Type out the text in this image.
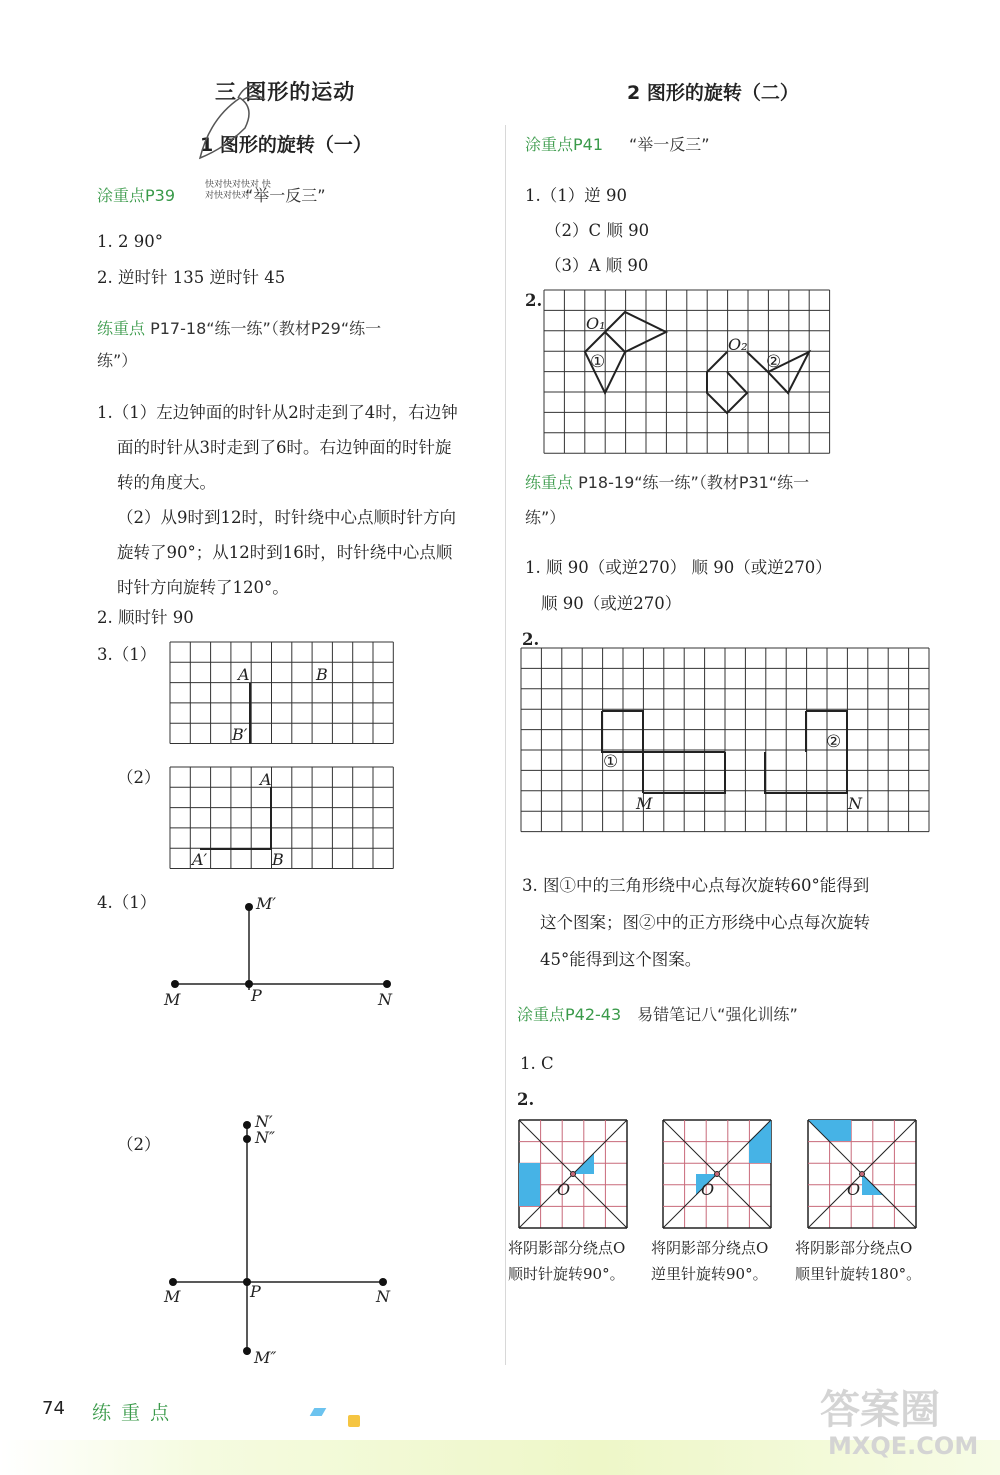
三 图形的运动
1 图形的旋转（一）
涂重点P39	“举一反三”
快对快对快对 快对快对快对
1. 2 90°
2. 逆时针 135 逆时针 45
练重点 P17-18“练一练”（教材P29“练一
练”）
1.（1）左边钟面的时针从2时走到了4时，右边钟
面的时针从3时走到了6时。右边钟面的时针旋
转的角度大。
（2）从9时到12时，时针绕中心点顺时针方向
旋转了90°；从12时到16时，时针绕中心点顺
时针方向旋转了120°。
2. 顺时针 90
3.（1）
A	B
B′
（2）	A
A′	B
4.（1）	M′
M	P	N
（2）
N′
N″
M	P	N
M″
2 图形的旋转（二）
涂重点P41 “举一反三”
1.（1）逆 90
（2）C 顺 90
（3）A 顺 90
2.
O₁
①
O₂
②
练重点 P18-19“练一练”（教材P31“练一
练”）
1. 顺 90（或逆270） 顺 90（或逆270）
顺 90（或逆270）
2.
①
②
M	N
3. 图①中的三角形绕中心点每次旋转60°能得到
这个图案；图②中的正方形绕中心点每次旋转
45°能得到这个图案。
涂重点P42-43 易错笔记八“强化训练”
1. C
2.
O	O	O
将阴影部分绕点O
顺时针旋转90°。
将阴影部分绕点O
逆里针旋转90°。
将阴影部分绕点O
顺里针旋转180°。
74 练 重 点	答案圈
MXQE.COM
